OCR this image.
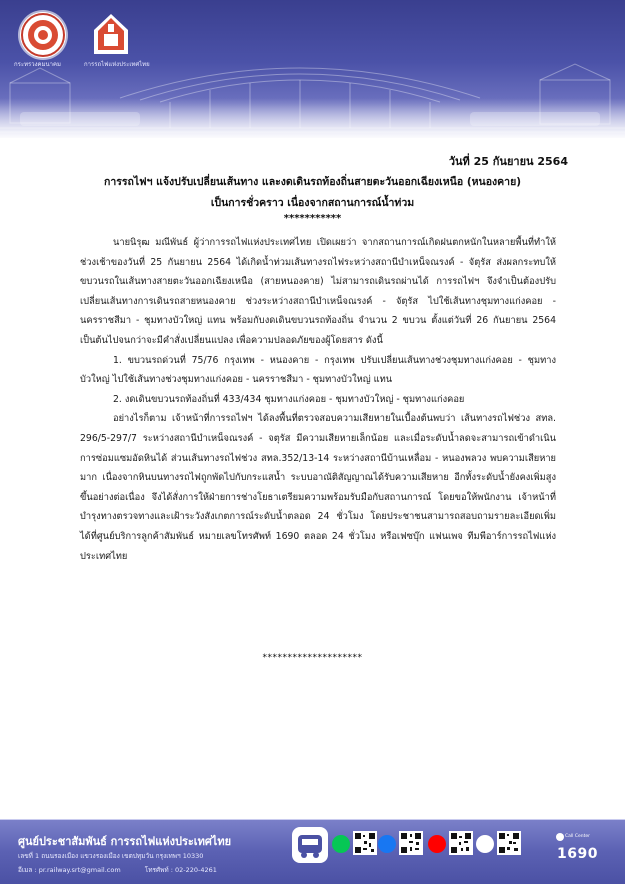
กระทรวงคมนาคม	การรถไฟแห่งประเทศไทย
วันที่ 25 กันยายน 2564
การรถไฟฯ แจ้งปรับเปลี่ยนเส้นทาง และงดเดินรถท้องถิ่นสายตะวันออกเฉียงเหนือ (หนองคาย)
เป็นการชั่วคราว เนื่องจากสถานการณ์น้ำท่วม
***********

นายนิรุฒ มณีพันธ์ ผู้ว่าการรถไฟแห่งประเทศไทย เปิดเผยว่า จากสถานการณ์เกิดฝนตกหนักในหลายพื้นที่ทำให้ช่วงเช้าของวันที่ 25 กันยายน 2564 ได้เกิดน้ำท่วมเส้นทางรถไฟระหว่างสถานีบำเหน็จณรงค์ - จัตุรัส ส่งผลกระทบให้ขบวนรถในเส้นทางสายตะวันออกเฉียงเหนือ (สายหนองคาย) ไม่สามารถเดินรถผ่านได้ การรถไฟฯ จึงจำเป็นต้องปรับเปลี่ยนเส้นทางการเดินรถสายหนองคาย ช่วงระหว่างสถานีบำเหน็จณรงค์ - จัตุรัส ไปใช้เส้นทางชุมทางแก่งคอย - นครราชสีมา - ชุมทางบัวใหญ่ แทน พร้อมกับงดเดินขบวนรถท้องถิ่น จำนวน 2 ขบวน ตั้งแต่วันที่ 26 กันยายน 2564 เป็นต้นไปจนกว่าจะมีคำสั่งเปลี่ยนแปลง เพื่อความปลอดภัยของผู้โดยสาร ดังนี้

1. ขบวนรถด่วนที่ 75/76 กรุงเทพ - หนองคาย - กรุงเทพ ปรับเปลี่ยนเส้นทางช่วงชุมทางแก่งคอย - ชุมทางบัวใหญ่ ไปใช้เส้นทางช่วงชุมทางแก่งคอย - นครราชสีมา - ชุมทางบัวใหญ่ แทน

2. งดเดินขบวนรถท้องถิ่นที่ 433/434 ชุมทางแก่งคอย - ชุมทางบัวใหญ่ - ชุมทางแก่งคอย

อย่างไรก็ตาม เจ้าหน้าที่การรถไฟฯ ได้ลงพื้นที่ตรวจสอบความเสียหายในเบื้องต้นพบว่า เส้นทางรถไฟช่วง สทล. 296/5-297/7 ระหว่างสถานีบำเหน็จณรงค์ - จตุรัส มีความเสียหายเล็กน้อย และเมื่อระดับน้ำลดจะสามารถเข้าดำเนินการซ่อมแซมอัดหินได้ ส่วนเส้นทางรถไฟช่วง สทล.352/13-14 ระหว่างสถานีบ้านเหลื่อม - หนองพลวง พบความเสียหายมาก เนื่องจากหินบนทางรถไฟถูกพัดไปกับกระแสน้ำ ระบบอาณัติสัญญาณได้รับความเสียหาย อีกทั้งระดับน้ำยังคงเพิ่มสูงขึ้นอย่างต่อเนื่อง จึงได้สั่งการให้ฝ่ายการช่างโยธาเตรียมความพร้อมรับมือกับสถานการณ์ โดยขอให้พนักงาน เจ้าหน้าที่บำรุงทางตรวจทางและเฝ้าระวังสังเกตการณ์ระดับน้ำตลอด 24 ชั่วโมง โดยประชาชนสามารถสอบถามรายละเอียดเพิ่มได้ที่ศูนย์บริการลูกค้าสัมพันธ์ หมายเลขโทรศัพท์ 1690 ตลอด 24 ชั่วโมง หรือเฟซบุ๊ก แฟนเพจ ทีมพีอาร์การรถไฟแห่งประเทศไทย

********************
ศูนย์ประชาสัมพันธ์ การรถไฟแห่งประเทศไทย
เลขที่ 1 ถนนรองเมือง แขวงรองเมือง เขตปทุมวัน กรุงเทพฯ 10330
อีเมล : pr.railway.srt@gmail.com	โทรศัพท์ : 02-220-4261
Call Center
1690
